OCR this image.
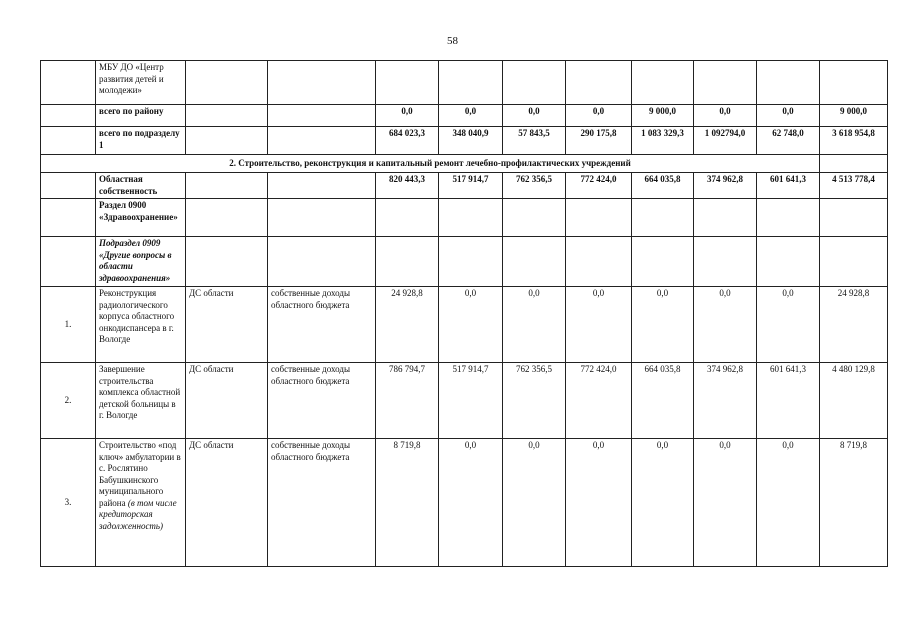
58
	МБУ ДО «Центр развития детей и молодежи»										
	всего по району			0,0	0,0	0,0	0,0	9 000,0	0,0	0,0	9 000,0
	всего по подразделу 1			684 023,3	348 040,9	57 843,5	290 175,8	1 083 329,3	1 092794,0	62 748,0	3 618 954,8
2. Строительство, реконструкция и капитальный ремонт лечебно-профилактических учреждений											
	Областная собственность			820 443,3	517 914,7	762 356,5	772 424,0	664 035,8	374 962,8	601 641,3	4 513 778,4
	Раздел 0900 «Здравоохранение»										
	Подраздел 0909 «Другие вопросы в области здравоохранения»										
1.	Реконструкция радиологического корпуса областного онкодиспансера в г. Вологде	ДС области	собственные доходы областного бюджета	24 928,8	0,0	0,0	0,0	0,0	0,0	0,0	24 928,8
2.	Завершение строительства комплекса областной детской больницы в г. Вологде	ДС области	собственные доходы областного бюджета	786 794,7	517 914,7	762 356,5	772 424,0	664 035,8	374 962,8	601 641,3	4 480 129,8
3.	Строительство «под ключ» амбулатории в с. Рослятино Бабушкинского муниципального района (в том числе кредиторская задолженность)	ДС области	собственные доходы областного бюджета	8 719,8	0,0	0,0	0,0	0,0	0,0	0,0	8 719,8
